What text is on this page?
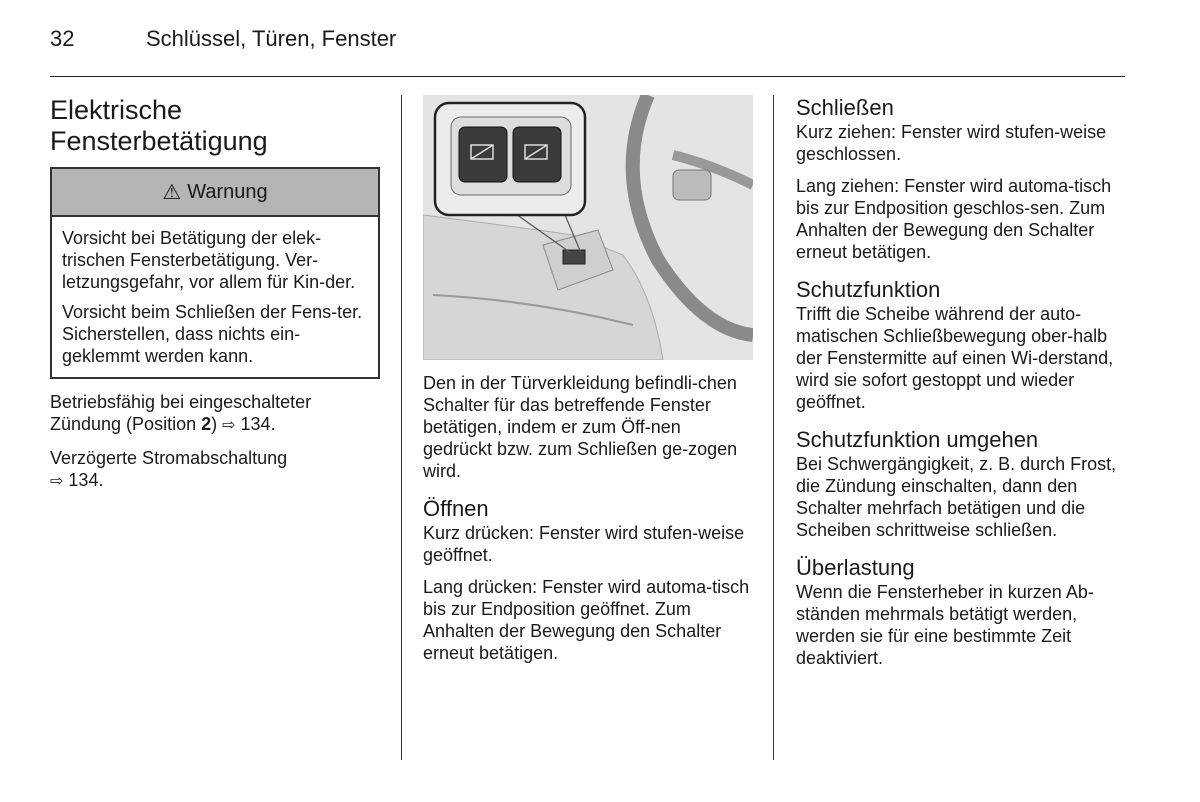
32	Schlüssel, Türen, Fenster
Elektrische
Fensterbetätigung
⚠ Warnung

Vorsicht bei Betätigung der elek-trischen Fensterbetätigung. Ver-letzungsgefahr, vor allem für Kin-der.

Vorsicht beim Schließen der Fens-ter. Sicherstellen, dass nichts ein-geklemmt werden kann.

Betriebsfähig bei eingeschalteter Zündung (Position 2) ⇨ 134.

Verzögerte Stromabschaltung
⇨ 134.

Den in der Türverkleidung befindli-chen Schalter für das betreffende Fenster betätigen, indem er zum Öff-nen gedrückt bzw. zum Schließen ge-zogen wird.

Öffnen

Kurz drücken: Fenster wird stufen-weise geöffnet.

Lang drücken: Fenster wird automa-tisch bis zur Endposition geöffnet. Zum Anhalten der Bewegung den Schalter erneut betätigen.

Schließen

Kurz ziehen: Fenster wird stufen-weise geschlossen.

Lang ziehen: Fenster wird automa-tisch bis zur Endposition geschlos-sen. Zum Anhalten der Bewegung den Schalter erneut betätigen.

Schutzfunktion

Trifft die Scheibe während der auto-matischen Schließbewegung ober-halb der Fenstermitte auf einen Wi-derstand, wird sie sofort gestoppt und wieder geöffnet.

Schutzfunktion umgehen

Bei Schwergängigkeit, z. B. durch Frost, die Zündung einschalten, dann den Schalter mehrfach betätigen und die Scheiben schrittweise schließen.

Überlastung

Wenn die Fensterheber in kurzen Ab-ständen mehrmals betätigt werden, werden sie für eine bestimmte Zeit deaktiviert.
